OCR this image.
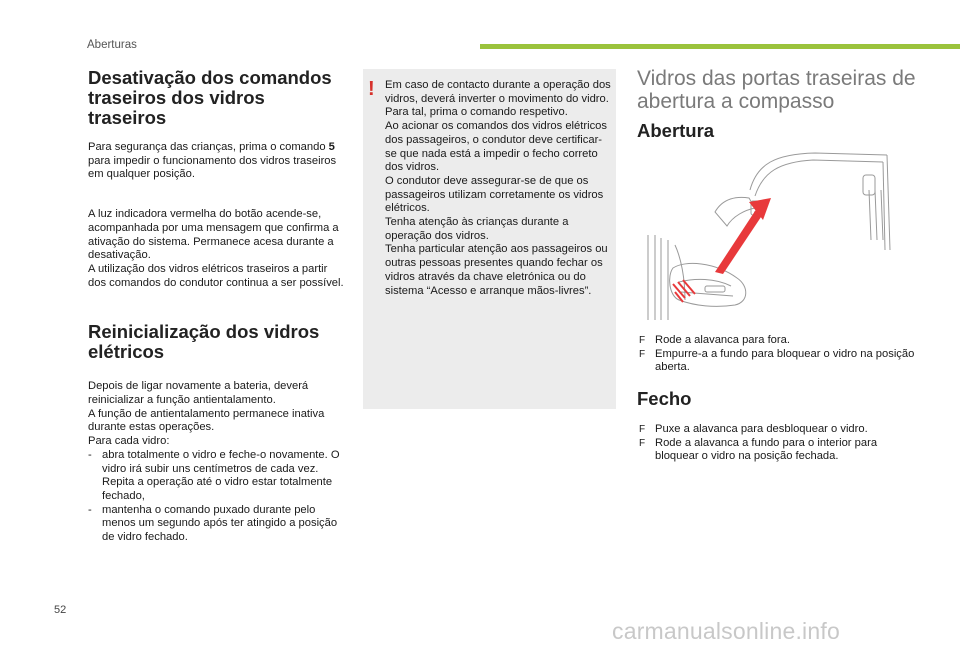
Aberturas
Desativação dos comandos traseiros dos vidros traseiros

Para segurança das crianças, prima o comando 5 para impedir o funcionamento dos vidros traseiros em qualquer posição.

A luz indicadora vermelha do botão acende-se, acompanhada por uma mensagem que confirma a ativação do sistema. Permanece acesa durante a desativação.

A utilização dos vidros elétricos traseiros a partir dos comandos do condutor continua a ser possível.

Reinicialização dos vidros elétricos

Depois de ligar novamente a bateria, deverá reinicializar a função antientalamento.

A função de antientalamento permanece inativa durante estas operações.

Para cada vidro:

- abra totalmente o vidro e feche-o novamente. O vidro irá subir uns centímetros de cada vez. Repita a operação até o vidro estar totalmente fechado,
- mantenha o comando puxado durante pelo menos um segundo após ter atingido a posição de vidro fechado.
! Em caso de contacto durante a operação dos vidros, deverá inverter o movimento do vidro. Para tal, prima o comando respetivo.

Ao acionar os comandos dos vidros elétricos dos passageiros, o condutor deve certificar-se que nada está a impedir o fecho correto dos vidros.

O condutor deve assegurar-se de que os passageiros utilizam corretamente os vidros elétricos.

Tenha atenção às crianças durante a operação dos vidros.

Tenha particular atenção aos passageiros ou outras pessoas presentes quando fechar os vidros através da chave eletrónica ou do sistema “Acesso e arranque mãos-livres”.

Vidros das portas traseiras de abertura a compasso
Abertura
F Rode a alavanca para fora.
F Empurre-a a fundo para bloquear o vidro na posição aberta.
Fecho
F Puxe a alavanca para desbloquear o vidro.
F Rode a alavanca a fundo para o interior para bloquear o vidro na posição fechada.
52
carmanualsonline.info
